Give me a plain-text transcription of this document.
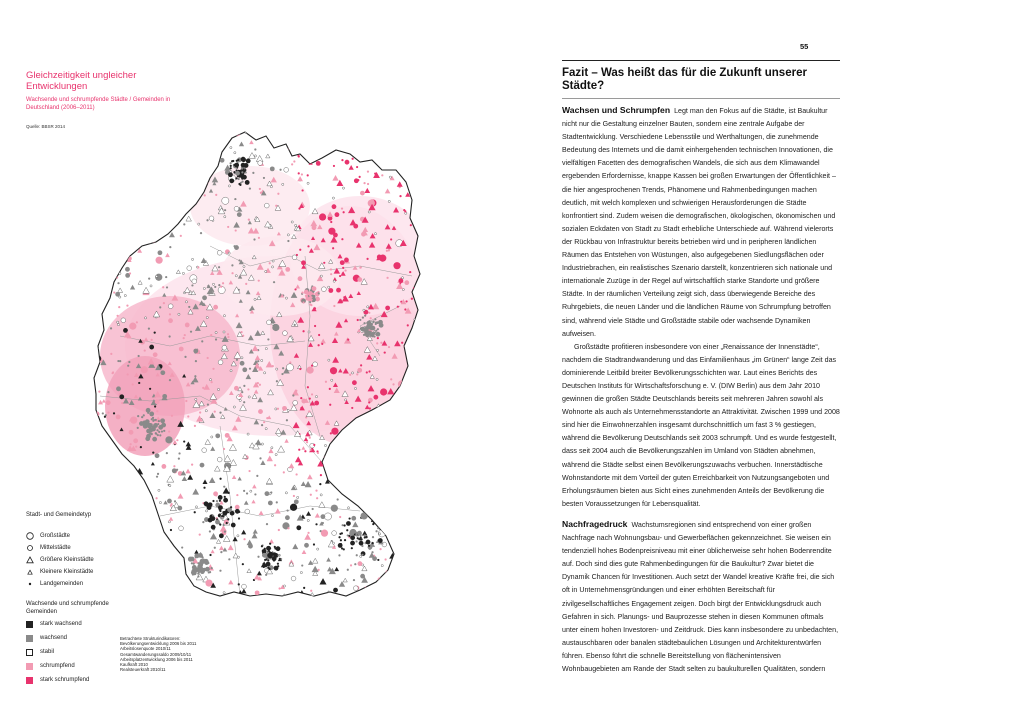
Gleichzeitigkeit ungleicher Entwicklungen
Wachsende und schrumpfende Städte / Gemeinden in Deutschland (2006–2011)
Quelle: BBSR 2014
Stadt- und Gemeindetyp
Großstädte
Mittelstädte
Größere Kleinstädte
Kleinere Kleinstädte
Landgemeinden
Wachsende und schrumpfende Gemeinden
stark wachsend
wachsend
stabil
schrumpfend
stark schrumpfend
Betrachtete Strukturindikatoren:
Bevölkerungsentwicklung 2006 bis 2011
Arbeitslosenquote 2010/11
Gesamtwanderungssaldo 2009/10/11
Arbeitsplatzentwicklung 2006 bis 2011
Kaufkraft 2010
Realsteuerkraft 2010/11
55
Fazit – Was heißt das für die Zukunft unserer Städte?

Wachsen und Schrumpfen Legt man den Fokus auf die Städte, ist Baukultur nicht nur die Gestaltung einzelner Bauten, sondern eine zentrale Aufgabe der Stadtentwicklung. Verschiedene Lebensstile und Werthaltungen, die zunehmende Bedeutung des Internets und die damit einhergehenden technischen Innovationen, die vielfältigen Facetten des demografischen Wandels, die sich aus dem Klimawandel ergebenden Erfordernisse, knappe Kassen bei großen Erwartungen der Öffentlichkeit – die hier angesprochenen Trends, Phänomene und Rahmenbedingungen machen deutlich, mit welch komplexen und schwierigen Herausforderungen die Städte konfrontiert sind. Zudem weisen die demografischen, ökologischen, ökonomischen und sozialen Eckdaten von Stadt zu Stadt erhebliche Unterschiede auf. Während vielerorts der Rückbau von Infrastruktur bereits betrieben wird und in peripheren ländlichen Räumen das Entstehen von Wüstungen, also aufgegebenen Siedlungsflächen oder Industriebrachen, ein realistisches Szenario darstellt, konzentrieren sich nationale und internationale Zuzüge in der Regel auf wirtschaftlich starke Standorte und größere Städte. In der räumlichen Verteilung zeigt sich, dass überwiegende Bereiche des Ruhrgebiets, die neuen Länder und die ländlichen Räume von Schrumpfung betroffen sind, während viele Städte und Großstädte stabile oder wachsende Dynamiken aufweisen.
Großstädte profitieren insbesondere von einer „Renaissance der Innenstädte“, nachdem die Stadtrandwanderung und das Einfamilienhaus „im Grünen“ lange Zeit das dominierende Leitbild breiter Bevölkerungsschichten war. Laut eines Berichts des Deutschen Instituts für Wirtschaftsforschung e. V. (DIW Berlin) aus dem Jahr 2010 gewinnen die großen Städte Deutschlands bereits seit mehreren Jahren sowohl als Wohnorte als auch als Unternehmensstandorte an Attraktivität. Zwischen 1999 und 2008 sind hier die Einwohnerzahlen insgesamt durchschnittlich um fast 3 % gestiegen, während die Bevölkerung Deutschlands seit 2003 schrumpft. Und es wurde festgestellt, dass seit 2004 auch die Bevölkerungszahlen im Umland von Städten abnehmen, während die Städte selbst einen Bevölkerungszuwachs verbuchen. Innerstädtische Wohnstandorte mit dem Vorteil der guten Erreichbarkeit von Nutzungsangeboten und Erholungsräumen bieten aus Sicht eines zunehmenden Anteils der Bevölkerung die besten Voraussetzungen für Lebensqualität.

Nachfragedruck Wachstumsregionen sind entsprechend von einer großen Nachfrage nach Wohnungsbau- und Gewerbeflächen gekennzeichnet. Sie weisen ein tendenziell hohes Bodenpreisniveau mit einer üblicherweise sehr hohen Bodenrendite auf. Doch sind dies gute Rahmenbedingungen für die Baukultur? Zwar bietet die Dynamik Chancen für Investitionen. Auch setzt der Wandel kreative Kräfte frei, die sich oft in Unternehmensgründungen und einer erhöhten Bereitschaft für zivilgesellschaftliches Engagement zeigen. Doch birgt der Entwicklungsdruck auch Gefahren in sich. Planungs- und Bauprozesse stehen in diesen Kommunen oftmals unter einem hohen Investoren- und Zeitdruck. Dies kann insbesondere zu unbedachten, austauschbaren oder banalen städtebaulichen Lösungen und Architekturentwürfen führen. Ebenso führt die schnelle Bereitstellung von flächenintensiven Wohnbaugebieten am Rande der Stadt selten zu baukulturellen Qualitäten, sondern
